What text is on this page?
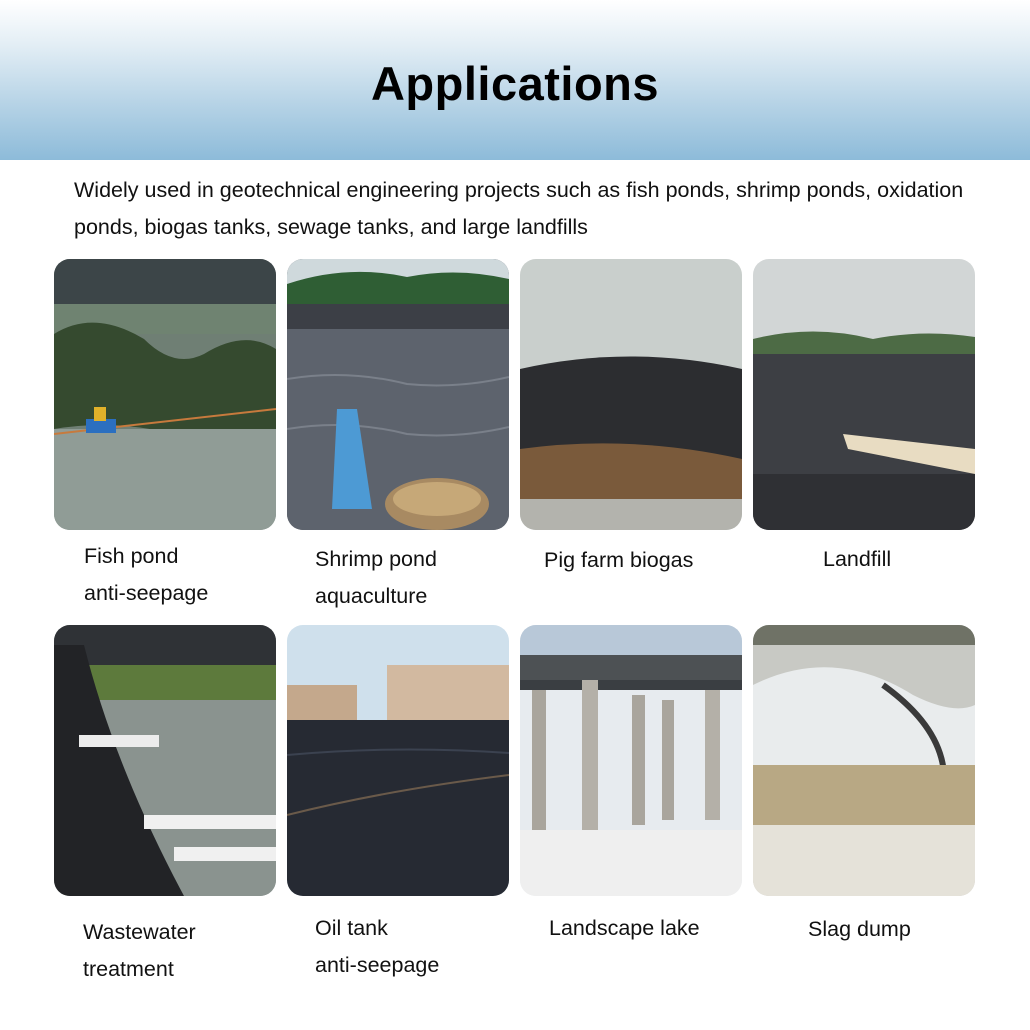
Applications
Widely used in geotechnical engineering projects such as fish ponds, shrimp ponds, oxidation ponds, biogas tanks, sewage tanks, and large landfills
Fish pond
anti-seepage
Shrimp pond
aquaculture
Pig farm biogas	Landfill
Wastewater
treatment
Oil tank
anti-seepage
Landscape lake	Slag dump
